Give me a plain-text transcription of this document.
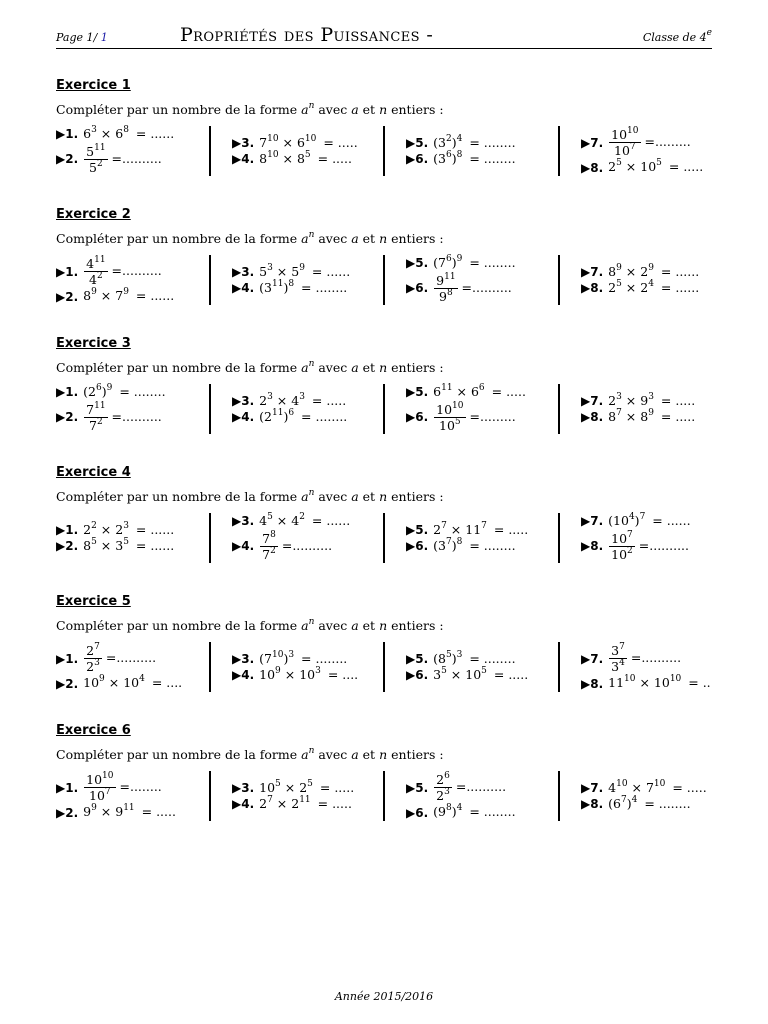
Page 1/ 1	Propriétés des Puissances -	Classe de 4e
Exercice 1
Compléter par un nombre de la forme $a^n$ avec a et n entiers :
▶1. $6^3 \times 6^8$ = ......
▶2. $\frac{5^{11}}{5^2}$ =..........
▶3. $7^{10} \times 6^{10}$ = .....
▶4. $8^{10} \times 8^5$ = .....
▶5. $(3^2)^4$ = ........
▶6. $(3^6)^8$ = ........
▶7. $\frac{10^{10}}{10^7}$ =.........
▶8. $2^5 \times 10^5$ = .....
Exercice 2
Compléter par un nombre de la forme $a^n$ avec a et n entiers :
▶1. $\frac{4^{11}}{4^2}$ =..........
▶2. $8^9 \times 7^9$ = ......
▶3. $5^3 \times 5^9$ = ......
▶4. $(3^{11})^8$ = ........
▶5. $(7^6)^9$ = ........
▶6. $\frac{9^{11}}{9^8}$ =..........
▶7. $8^9 \times 2^9$ = ......
▶8. $2^5 \times 2^4$ = ......
Exercice 3
Compléter par un nombre de la forme $a^n$ avec a et n entiers :
▶1. $(2^6)^9$ = ........
▶2. $\frac{7^{11}}{7^2}$ =..........
▶3. $2^3 \times 4^3$ = .....
▶4. $(2^{11})^6$ = ........
▶5. $6^{11} \times 6^6$ = .....
▶6. $\frac{10^{10}}{10^5}$ =.........
▶7. $2^3 \times 9^3$ = .....
▶8. $8^7 \times 8^9$ = .....
Exercice 4
Compléter par un nombre de la forme $a^n$ avec a et n entiers :
▶1. $2^2 \times 2^3$ = ......
▶2. $8^5 \times 3^5$ = ......
▶3. $4^5 \times 4^2$ = ......
▶4. $\frac{7^8}{7^2}$ =..........
▶5. $2^7 \times 11^7$ = .....
▶6. $(3^7)^8$ = ........
▶7. $(10^4)^7$ = ......
▶8. $\frac{10^7}{10^2}$ =..........
Exercice 5
Compléter par un nombre de la forme $a^n$ avec a et n entiers :
▶1. $\frac{2^7}{2^3}$ =..........
▶2. $10^9 \times 10^4$ = ....
▶3. $(7^{10})^3$ = ........
▶4. $10^9 \times 10^3$ = ....
▶5. $(8^5)^3$ = ........
▶6. $3^5 \times 10^5$ = .....
▶7. $\frac{3^7}{3^4}$ =..........
▶8. $11^{10} \times 10^{10}$ = ..
Exercice 6
Compléter par un nombre de la forme $a^n$ avec a et n entiers :
▶1. $\frac{10^{10}}{10^7}$ =........
▶2. $9^9 \times 9^{11}$ = .....
▶3. $10^5 \times 2^5$ = .....
▶4. $2^7 \times 2^{11}$ = .....
▶5. $\frac{2^6}{2^3}$ =..........
▶6. $(9^8)^4$ = ........
▶7. $4^{10} \times 7^{10}$ = .....
▶8. $(6^7)^4$ = ........
Année 2015/2016
